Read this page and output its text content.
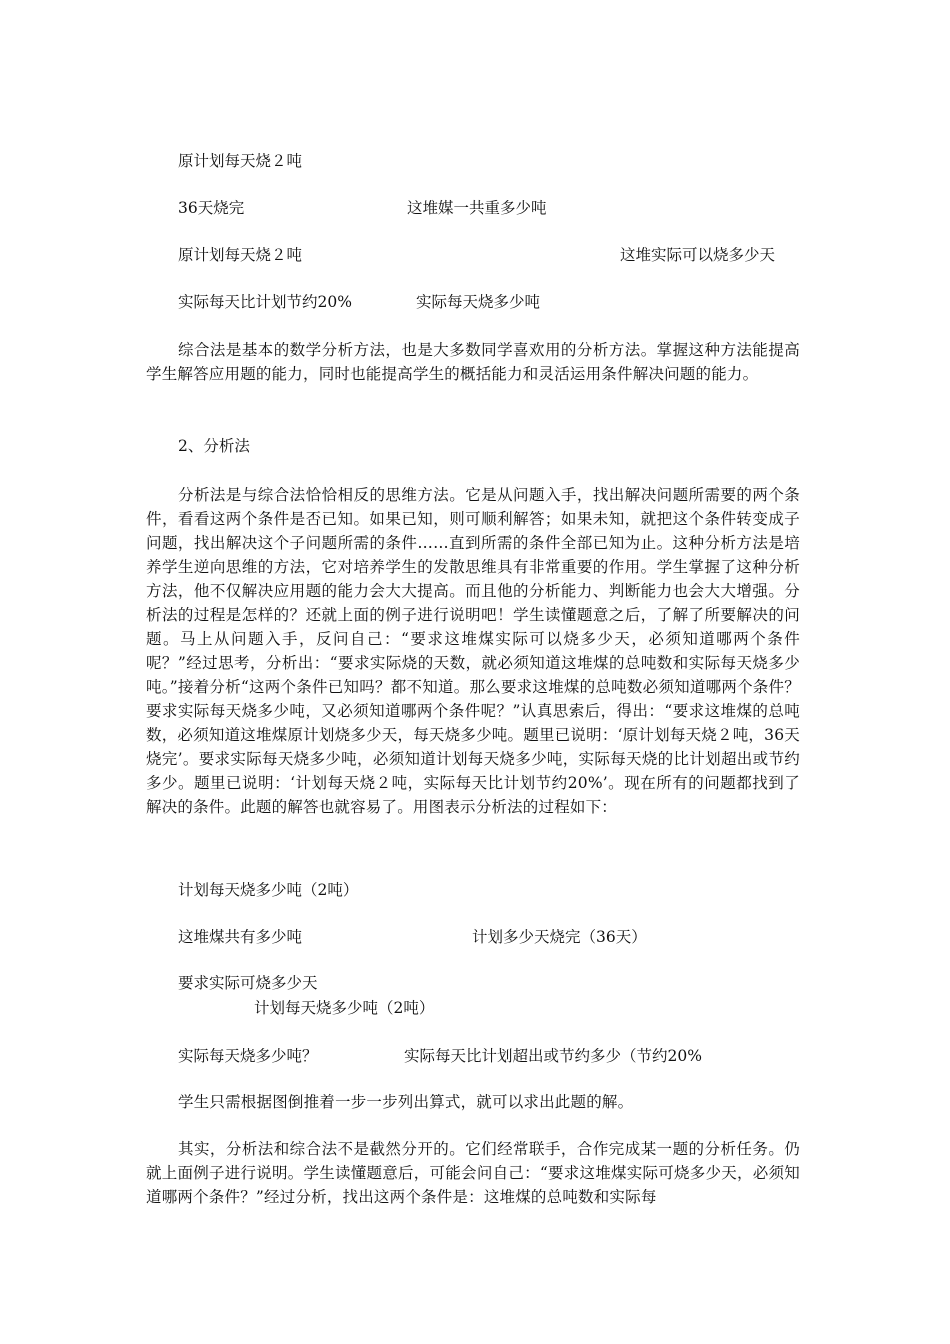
原计划每天烧２吨
36天烧完	这堆媒一共重多少吨
原计划每天烧２吨	这堆实际可以烧多少天
实际每天比计划节约20%	实际每天烧多少吨
综合法是基本的数学分析方法，也是大多数同学喜欢用的分析方法。掌握这种方法能提高学生解答应用题的能力，同时也能提高学生的概括能力和灵活运用条件解决问题的能力。
2、分析法
分析法是与综合法恰恰相反的思维方法。它是从问题入手，找出解决问题所需要的两个条件，看看这两个条件是否已知。如果已知，则可顺利解答；如果未知，就把这个条件转变成子问题，找出解决这个子问题所需的条件……直到所需的条件全部已知为止。这种分析方法是培养学生逆向思维的方法，它对培养学生的发散思维具有非常重要的作用。学生掌握了这种分析方法，他不仅解决应用题的能力会大大提高。而且他的分析能力、判断能力也会大大增强。分析法的过程是怎样的？还就上面的例子进行说明吧！学生读懂题意之后，了解了所要解决的问题。马上从问题入手，反问自己：“要求这堆煤实际可以烧多少天，必须知道哪两个条件呢？”经过思考，分析出：“要求实际烧的天数，就必须知道这堆煤的总吨数和实际每天烧多少吨。”接着分析“这两个条件已知吗？都不知道。那么要求这堆煤的总吨数必须知道哪两个条件？要求实际每天烧多少吨，又必须知道哪两个条件呢？”认真思索后，得出：“要求这堆煤的总吨数，必须知道这堆煤原计划烧多少天，每天烧多少吨。题里已说明：‘原计划每天烧２吨，36天烧完’。要求实际每天烧多少吨，必须知道计划每天烧多少吨，实际每天烧的比计划超出或节约多少。题里已说明：‘计划每天烧２吨，实际每天比计划节约20%’。现在所有的问题都找到了解决的条件。此题的解答也就容易了。用图表示分析法的过程如下：
计划每天烧多少吨（2吨）
这堆煤共有多少吨	计划多少天烧完（36天）
要求实际可烧多少天
计划每天烧多少吨（2吨）
实际每天烧多少吨？	实际每天比计划超出或节约多少（节约20%
学生只需根据图倒推着一步一步列出算式，就可以求出此题的解。
其实，分析法和综合法不是截然分开的。它们经常联手，合作完成某一题的分析任务。仍就上面例子进行说明。学生读懂题意后，可能会问自己：“要求这堆煤实际可烧多少天，必须知道哪两个条件？”经过分析，找出这两个条件是：这堆煤的总吨数和实际每
